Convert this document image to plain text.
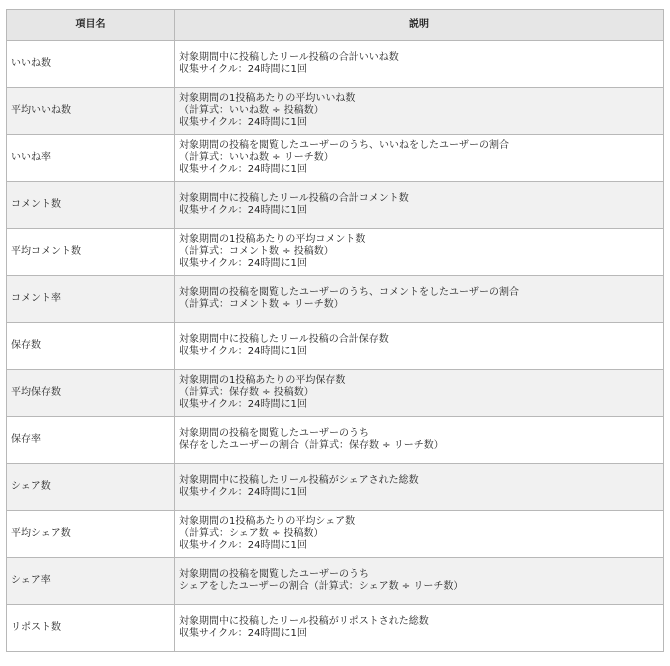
項目名	説明
いいね数	対象期間中に投稿したリール投稿の合計いいね数
収集サイクル：24時間に1回

平均いいね数	対象期間の1投稿あたりの平均いいね数
（計算式：いいね数 ÷ 投稿数）
収集サイクル：24時間に1回

いいね率	対象期間の投稿を閲覧したユーザーのうち、いいねをしたユーザーの割合
（計算式：いいね数 ÷ リーチ数）
収集サイクル：24時間に1回

コメント数	対象期間中に投稿したリール投稿の合計コメント数
収集サイクル：24時間に1回

平均コメント数	対象期間の1投稿あたりの平均コメント数
（計算式：コメント数 ÷ 投稿数）
収集サイクル：24時間に1回

コメント率	対象期間の投稿を閲覧したユーザーのうち、コメントをしたユーザーの割合
（計算式：コメント数 ÷ リーチ数）

保存数	対象期間中に投稿したリール投稿の合計保存数
収集サイクル：24時間に1回

平均保存数	対象期間の1投稿あたりの平均保存数
（計算式：保存数 ÷ 投稿数）
収集サイクル：24時間に1回

保存率	対象期間の投稿を閲覧したユーザーのうち
保存をしたユーザーの割合（計算式：保存数 ÷ リーチ数）

シェア数	対象期間中に投稿したリール投稿がシェアされた総数
収集サイクル：24時間に1回

平均シェア数	対象期間の1投稿あたりの平均シェア数
（計算式：シェア数 ÷ 投稿数）
収集サイクル：24時間に1回

シェア率	対象期間の投稿を閲覧したユーザーのうち
シェアをしたユーザーの割合（計算式：シェア数 ÷ リーチ数）

リポスト数	対象期間中に投稿したリール投稿がリポストされた総数
収集サイクル：24時間に1回
